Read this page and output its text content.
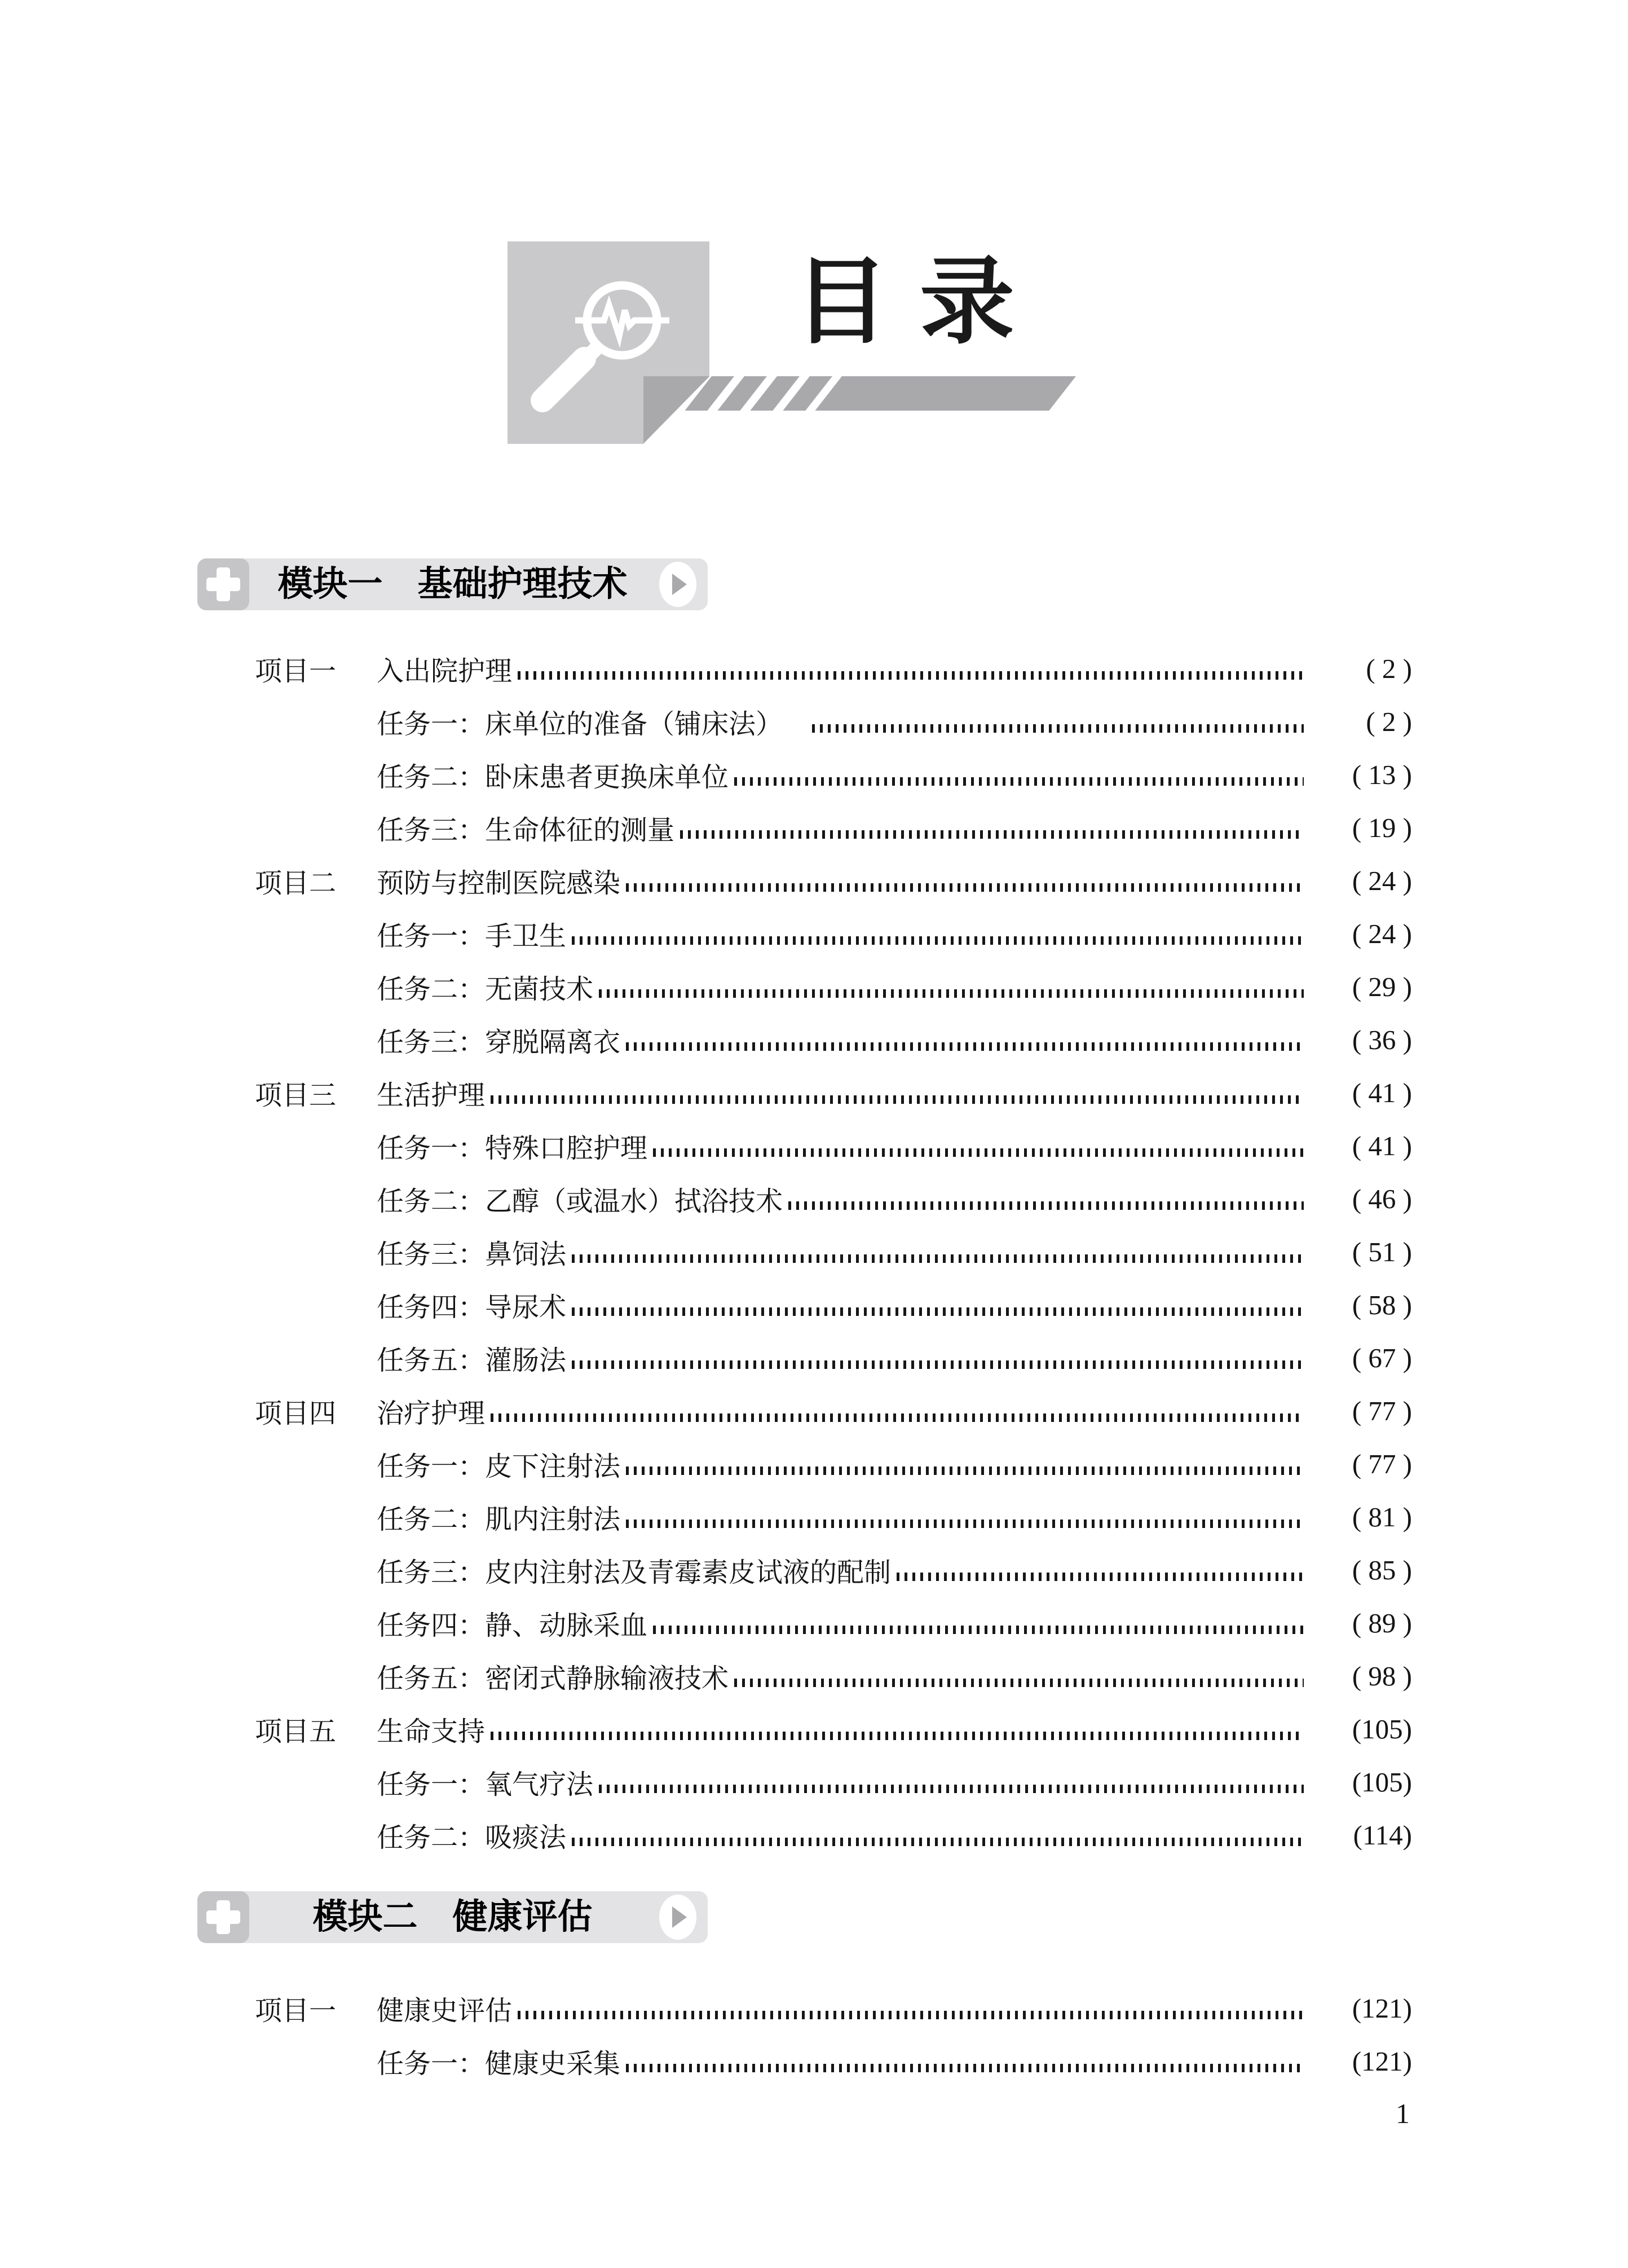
目 录
模块一　基础护理技术
项目一	入出院护理	( 2 )
任务一：床单位的准备（铺床法）	( 2 )
任务二：卧床患者更换床单位	( 13 )
任务三：生命体征的测量	( 19 )
项目二	预防与控制医院感染	( 24 )
任务一：手卫生	( 24 )
任务二：无菌技术	( 29 )
任务三：穿脱隔离衣	( 36 )
项目三	生活护理	( 41 )
任务一：特殊口腔护理	( 41 )
任务二：乙醇（或温水）拭浴技术	( 46 )
任务三：鼻饲法	( 51 )
任务四：导尿术	( 58 )
任务五：灌肠法	( 67 )
项目四	治疗护理	( 77 )
任务一：皮下注射法	( 77 )
任务二：肌内注射法	( 81 )
任务三：皮内注射法及青霉素皮试液的配制	( 85 )
任务四：静、动脉采血	( 89 )
任务五：密闭式静脉输液技术	( 98 )
项目五	生命支持	(105)
任务一：氧气疗法	(105)
任务二：吸痰法	(114)
模块二　健康评估
项目一	健康史评估	(121)
任务一：健康史采集	(121)
1
